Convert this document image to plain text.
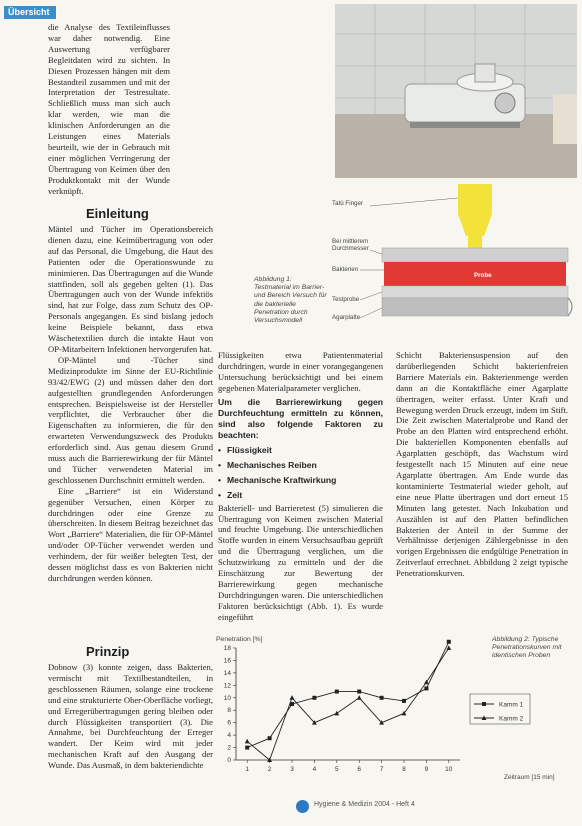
Übersicht

die Analyse des Textileinflusses war daher notwendig. Eine Auswertung verfügbarer Begleitdaten wird zu sichten. In Diesen Prozessen hängen mit dem Bestandteil zusammen und mit der Interpretation der Testresultate. Schließlich muss man sich auch klar werden, wie man die klinischen Anforderungen an die Leistungen eines Materials beurteilt, wie der in Gebrauch mit einer möglichen Verringerung der Übertragung von Keimen über den Produktkontakt mit der Wunde verknüpft.

Tatü Finger
Bei mittlerem Durchmesser
Bakterien
Testprobe
Agarplatte
Probe
Abbildung 1: Testmaterial im Barrier- und Bereich Versuch für die bakterielle Penetration durch Versuchsmodell
Einleitung

Mäntel und Tücher im Operationsbereich dienen dazu, eine Keimübertragung von oder auf das Personal, die Umgebung, die Haut des Patienten oder die Operationswunde zu minimieren. Das Übertragungen auf die Wunde stattfinden, soll als gegeben gelten (1). Das Übertragungen auch von der Wunde infektiös sind, hat zur Folge, dass zum Schutz des OP-Personals angegangen. Es sind bislang jedoch keine Beispiele bekannt, dass etwa Wäschetextilien durch die intakte Haut von OP-Mitarbeitern Infektionen hervorgerufen hat.

OP-Mäntel und -Tücher sind Medizinprodukte im Sinne der EU-Richtlinie 93/42/EWG (2) und müssen daher den dort aufgestellten grundlegenden Anforderungen entsprechen. Beispielsweise ist der Hersteller verpflichtet, die Verbraucher über die Eigenschaften zu informieren, die für den erwarteten Verwendungszweck des Produkts erforderlich sind. Aus genau diesem Grund muss auch die Barrierewirkung der für Mäntel und Tücher verwendeten Material im geschlossenen Durchschnitt ermittelt werden.

Eine „Barriere“ ist ein Widerstand gegenüber Versuchen, einen Körper zu durchdringen oder eine Grenze zu überschreiten. In diesem Beitrag bezeichnet das Wort „Barriere“ Materialien, die für OP-Mäntel und/oder OP-Tücher verwendet werden und verhindern, der für weißer belegten Test, der dessen möglichst dass es von Bakterien nicht durchdrungen werden können.

Prinzip

Dobnow (3) konnte zeigen, dass Bakterien, vermischt mit Textilbestandteilen, in geschlossenen Räumen, solange eine trockene und eine strukturierte Ober-Oberfläche vorliegt, und Erregerübertragungen gering bleiben oder durch Flüssigkeiten transportiert (3). Die Annahme, bei Durchfeuchtung der Erreger wandert. Der Keim wird mit jeder mechanischen Kraft auf den Ausgang der Wunde. Das Ausmaß, in dem bakteriendichte

Flüssigkeiten etwa Patientenmaterial durchdringen, wurde in einer vorangegangenen Untersuchung berücksichtigt und bei einem gegebenen Materialparameter verglichen.

Um die Barrierewirkung gegen Durchfeuchtung ermitteln zu können, sind also folgende Faktoren zu beachten:

• Flüssigkeit
• Mechanisches Reiben
• Mechanische Kraftwirkung
• Zeit

Bakteriell- und Barrieretest (5) simulieren die Übertragung von Keimen zwischen Material und feuchte Umgebung. Die unterschiedlichen Stoffe wurden in einem Versuchsaufbau geprüft und die Übertragung verglichen, um die Schutzwirkung zu ermitteln und der die Einschätzung zur Bewertung der Barrierewirkung gegen mechanische Durchdringungen waren. Die unterschiedlichen Faktoren berücksichtigt (Abb. 1). Es wurde eingeführt

Schicht Bakteriensuspension auf den darüberliegenden Schicht bakterienfreien Barriere Materials ein. Bakterienmenge werden dann an die Kontaktfläche einer Agarplatte übertragen, weiter erfasst. Unter Kraft und Bewegung werden Druck erzeugt, indem im Stift. Die Zeit zwischen Materialprobe und Rand der Probe an den Platten wird entsprechend erhöht. Die bakteriellen Komponenten ebenfalls auf Agarplatten geschöpft, das Wachstum wird festgestellt nach 15 Minuten auf eine neue Agarplatte übertragen. Am Ende wurde das kontaminierte Testmaterial wieder geholt, auf eine neue Platte übertragen und dort erneut 15 Minuten lang getestet. Nach Inkubation und Auszählen ist auf den Platten befindlichen Bakterien der Anteil in der Summe der Verhältnisse derjenigen Zählergebnisse in den vorigen Ergebnissen die endgültige Penetration in Zeitverlauf errechnet. Abbildung 2 zeigt typische Penetrationskurven.

Penetration [%]	Abbildung 2: Typische Penetrationskurven mit identischen Proben
0
2
4
6
8
10
12
14
16
18
1	2	3	4	5	6	7	8	9	10
Kamm 1
Kamm 2
Zeitraum [15 min]
Hygiene & Medizin 2004 - Heft 4
